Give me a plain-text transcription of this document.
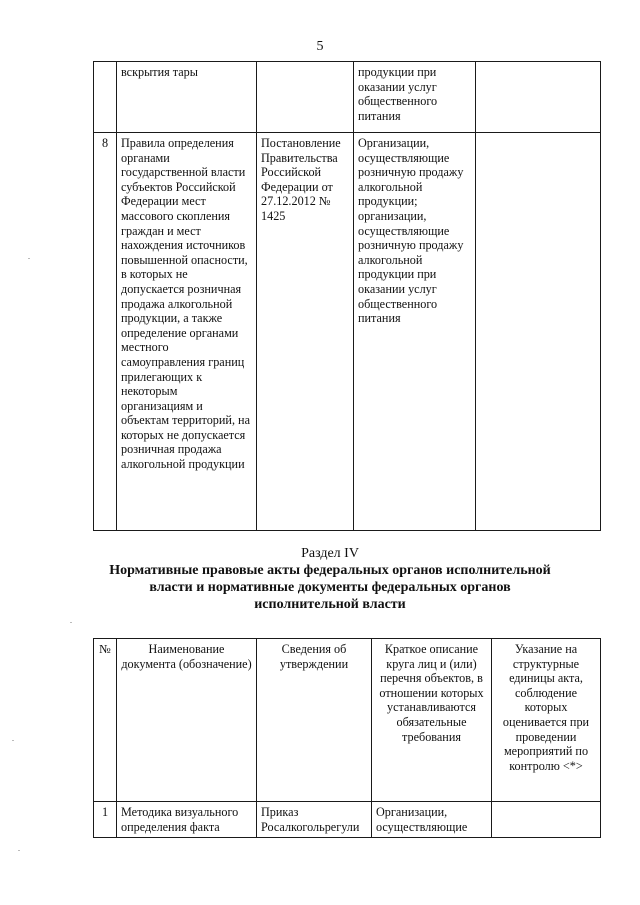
5
	вскрытия тары		продукции при оказании услуг общественного питания	
8	Правила определения органами государственной власти субъектов Российской Федерации мест массового скопления граждан и мест нахождения источников повышенной опасности, в которых не допускается розничная продажа алкогольной продукции, а также определение органами местного самоуправления границ прилегающих к некоторым организациям и объектам территорий, на которых не допускается розничная продажа алкогольной продукции	Постановление Правительства Российской Федерации от 27.12.2012 № 1425	Организации, осуществляющие розничную продажу алкогольной продукции; организации, осуществляющие розничную продажу алкогольной продукции при оказании услуг общественного питания	
Раздел IV
Нормативные правовые акты федеральных органов исполнительной власти и нормативные документы федеральных органов исполнительной власти
№	Наименование документа (обозначение)	Сведения об утверждении	Краткое описание круга лиц и (или) перечня объектов, в отношении которых устанавливаются обязательные требования	Указание на структурные единицы акта, соблюдение которых оценивается при проведении мероприятий по контролю <*>
1	Методика визуального определения факта	Приказ Росалкогольрегули	Организации, осуществляющие	
